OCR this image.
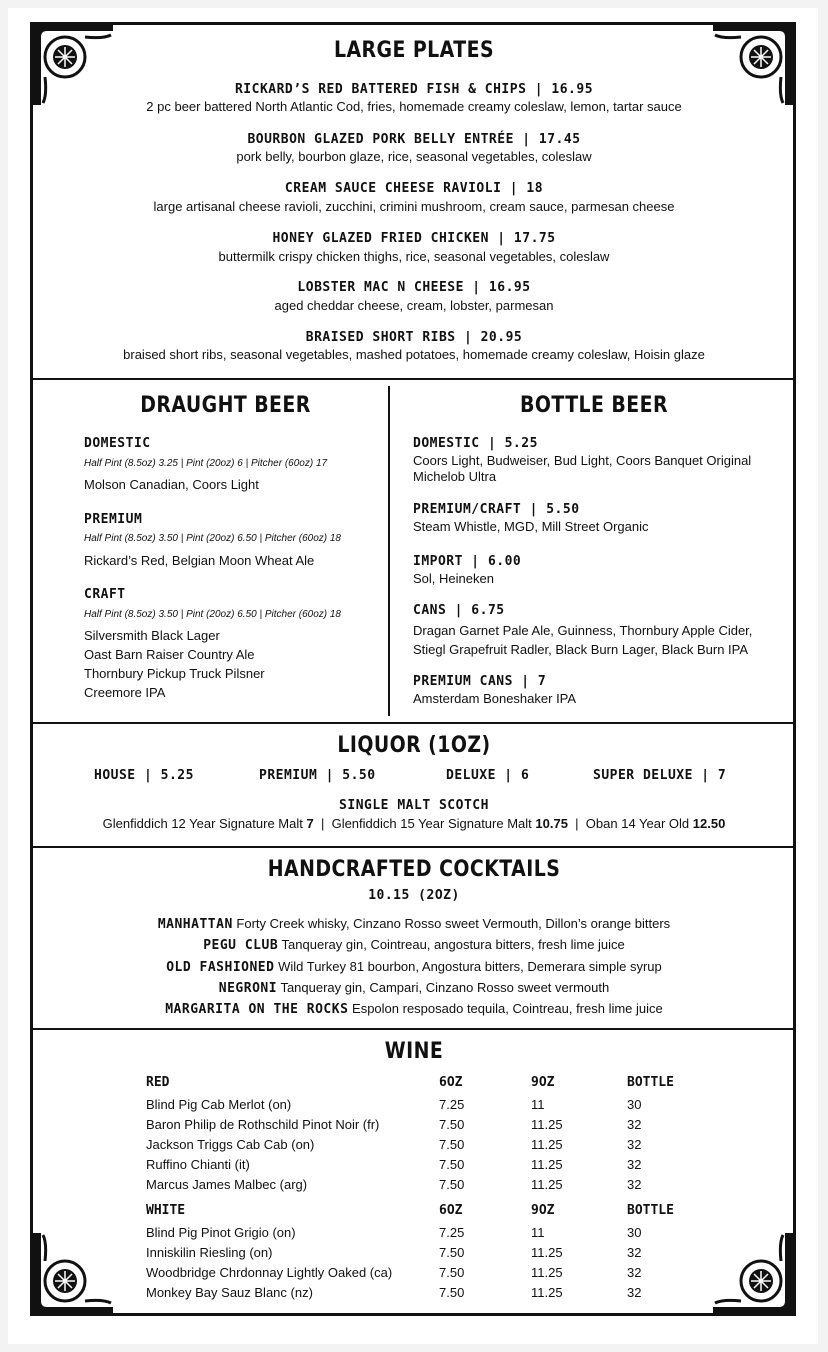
LARGE PLATES
RICKARD’S RED BATTERED FISH & CHIPS | 16.95
2 pc beer battered North Atlantic Cod, fries, homemade creamy coleslaw, lemon, tartar sauce
BOURBON GLAZED PORK BELLY ENTRÉE | 17.45
pork belly, bourbon glaze, rice, seasonal vegetables, coleslaw
CREAM SAUCE CHEESE RAVIOLI | 18
large artisanal cheese ravioli, zucchini, crimini mushroom, cream sauce, parmesan cheese
HONEY GLAZED FRIED CHICKEN | 17.75
buttermilk crispy chicken thighs, rice, seasonal vegetables, coleslaw
LOBSTER MAC N CHEESE | 16.95
aged cheddar cheese, cream, lobster, parmesan
BRAISED SHORT RIBS | 20.95
braised short ribs, seasonal vegetables, mashed potatoes, homemade creamy coleslaw, Hoisin glaze
DRAUGHT BEER	BOTTLE BEER
DOMESTIC
Half Pint (8.5oz) 3.25 | Pint (20oz) 6 | Pitcher (60oz) 17
Molson Canadian, Coors Light
PREMIUM
Half Pint (8.5oz) 3.50 | Pint (20oz) 6.50 | Pitcher (60oz) 18
Rickard’s Red, Belgian Moon Wheat Ale
CRAFT
Half Pint (8.5oz) 3.50 | Pint (20oz) 6.50 | Pitcher (60oz) 18
Silversmith Black Lager
Oast Barn Raiser Country Ale
Thornbury Pickup Truck Pilsner
Creemore IPA
DOMESTIC | 5.25
Coors Light, Budweiser, Bud Light, Coors Banquet Original
Michelob Ultra
PREMIUM/CRAFT | 5.50
Steam Whistle, MGD, Mill Street Organic
IMPORT | 6.00
Sol, Heineken
CANS | 6.75
Dragan Garnet Pale Ale, Guinness, Thornbury Apple Cider,
Stiegl Grapefruit Radler, Black Burn Lager, Black Burn IPA
PREMIUM CANS | 7
Amsterdam Boneshaker IPA
LIQUOR (1OZ)
HOUSE | 5.25	PREMIUM | 5.50	DELUXE | 6	SUPER DELUXE | 7
SINGLE MALT SCOTCH
Glenfiddich 12 Year Signature Malt 7 | Glenfiddich 15 Year Signature Malt 10.75 | Oban 14 Year Old 12.50
HANDCRAFTED COCKTAILS
10.15 (2OZ)
MANHATTAN Forty Creek whisky, Cinzano Rosso sweet Vermouth, Dillon’s orange bitters
PEGU CLUB Tanqueray gin, Cointreau, angostura bitters, fresh lime juice
OLD FASHIONED Wild Turkey 81 bourbon, Angostura bitters, Demerara simple syrup
NEGRONI Tanqueray gin, Campari, Cinzano Rosso sweet vermouth
MARGARITA ON THE ROCKS Espolon resposado tequila, Cointreau, fresh lime juice
WINE
RED	6OZ	9OZ	BOTTLE
Blind Pig Cab Merlot (on)	7.25	11	30
Baron Philip de Rothschild Pinot Noir (fr)	7.50	11.25	32
Jackson Triggs Cab Cab (on)	7.50	11.25	32
Ruffino Chianti (it)	7.50	11.25	32
Marcus James Malbec (arg)	7.50	11.25	32
WHITE	6OZ	9OZ	BOTTLE
Blind Pig Pinot Grigio (on)	7.25	11	30
Inniskilin Riesling (on)	7.50	11.25	32
Woodbridge Chrdonnay Lightly Oaked (ca)	7.50	11.25	32
Monkey Bay Sauz Blanc (nz)	7.50	11.25	32
